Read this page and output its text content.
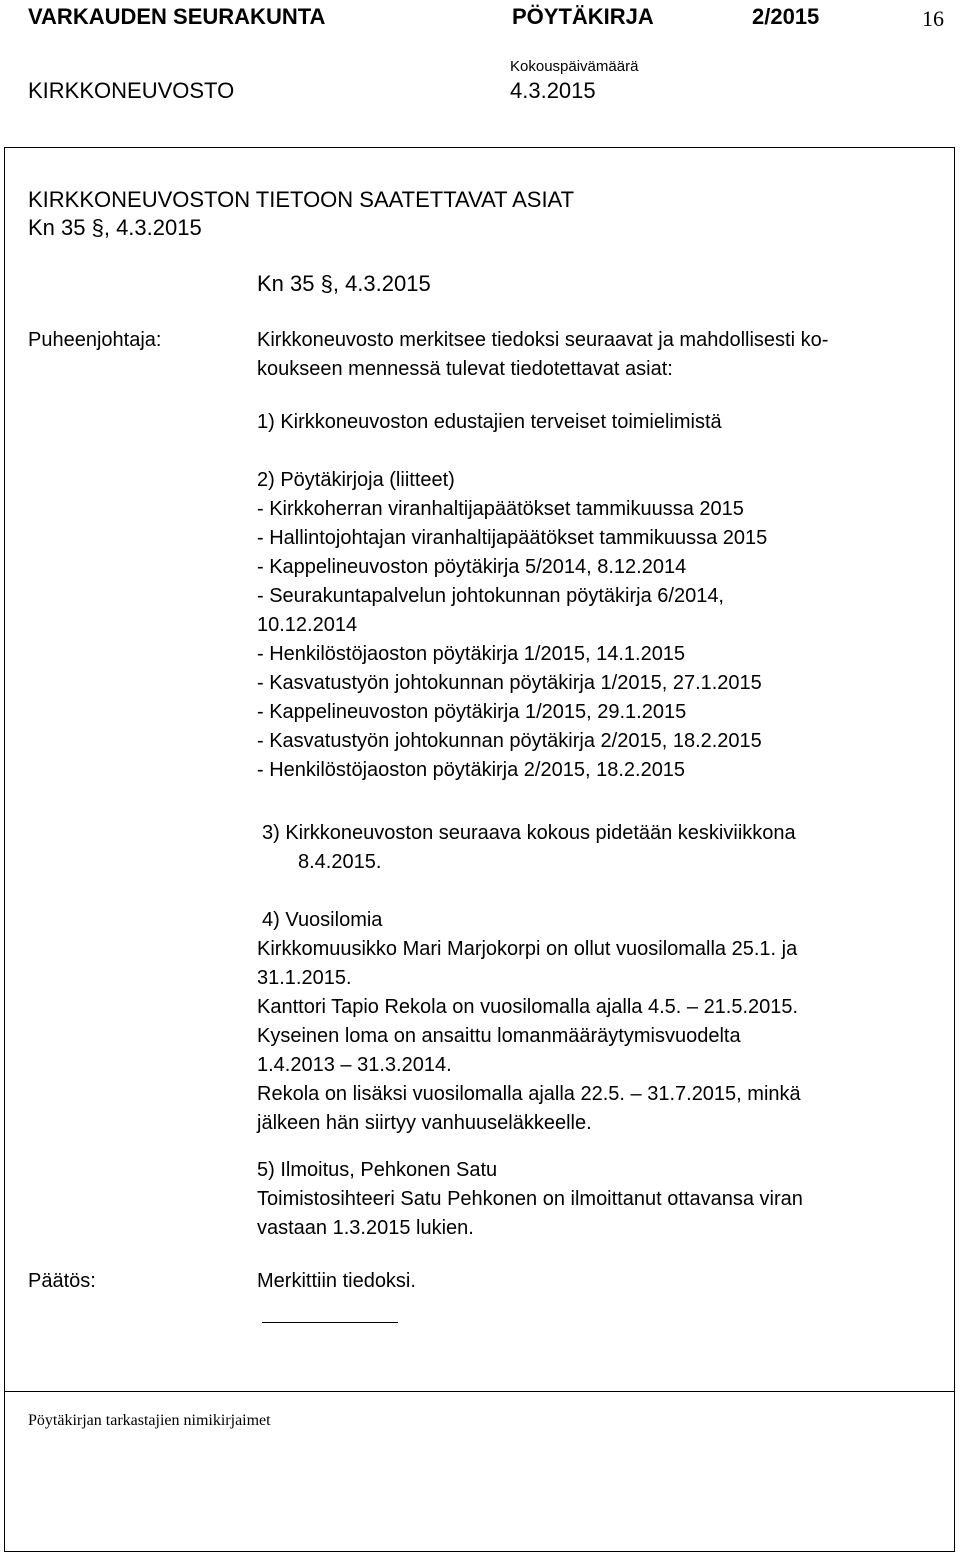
VARKAUDEN SEURAKUNTA	PÖYTÄKIRJA	2/2015	16
KIRKKONEUVOSTO
Kokouspäivämäärä
4.3.2015
KIRKKONEUVOSTON TIETOON SAATETTAVAT ASIAT
Kn 35 §, 4.3.2015
Kn 35 §, 4.3.2015
Puheenjohtaja:	Kirkkoneuvosto merkitsee tiedoksi seuraavat ja mahdollisesti ko-
koukseen mennessä tulevat tiedotettavat asiat:
1) Kirkkoneuvoston edustajien terveiset toimielimistä
2) Pöytäkirjoja (liitteet)
- Kirkkoherran viranhaltijapäätökset tammikuussa 2015
- Hallintojohtajan viranhaltijapäätökset tammikuussa 2015
- Kappelineuvoston pöytäkirja 5/2014, 8.12.2014
- Seurakuntapalvelun johtokunnan pöytäkirja 6/2014,
10.12.2014
- Henkilöstöjaoston pöytäkirja 1/2015, 14.1.2015
- Kasvatustyön johtokunnan pöytäkirja 1/2015, 27.1.2015
- Kappelineuvoston pöytäkirja 1/2015, 29.1.2015
- Kasvatustyön johtokunnan pöytäkirja 2/2015, 18.2.2015
- Henkilöstöjaoston pöytäkirja 2/2015, 18.2.2015
3) Kirkkoneuvoston seuraava kokous pidetään keskiviikkona
8.4.2015.
4) Vuosilomia
Kirkkomuusikko Mari Marjokorpi on ollut vuosilomalla 25.1. ja
31.1.2015.
Kanttori Tapio Rekola on vuosilomalla ajalla 4.5. – 21.5.2015.
Kyseinen loma on ansaittu lomanmääräytymisvuodelta
1.4.2013 – 31.3.2014.
Rekola on lisäksi vuosilomalla ajalla 22.5. – 31.7.2015, minkä
jälkeen hän siirtyy vanhuuseläkkeelle.
5) Ilmoitus, Pehkonen Satu
Toimistosihteeri Satu Pehkonen on ilmoittanut ottavansa viran
vastaan 1.3.2015 lukien.
Päätös:	Merkittiin tiedoksi.
Pöytäkirjan tarkastajien nimikirjaimet
